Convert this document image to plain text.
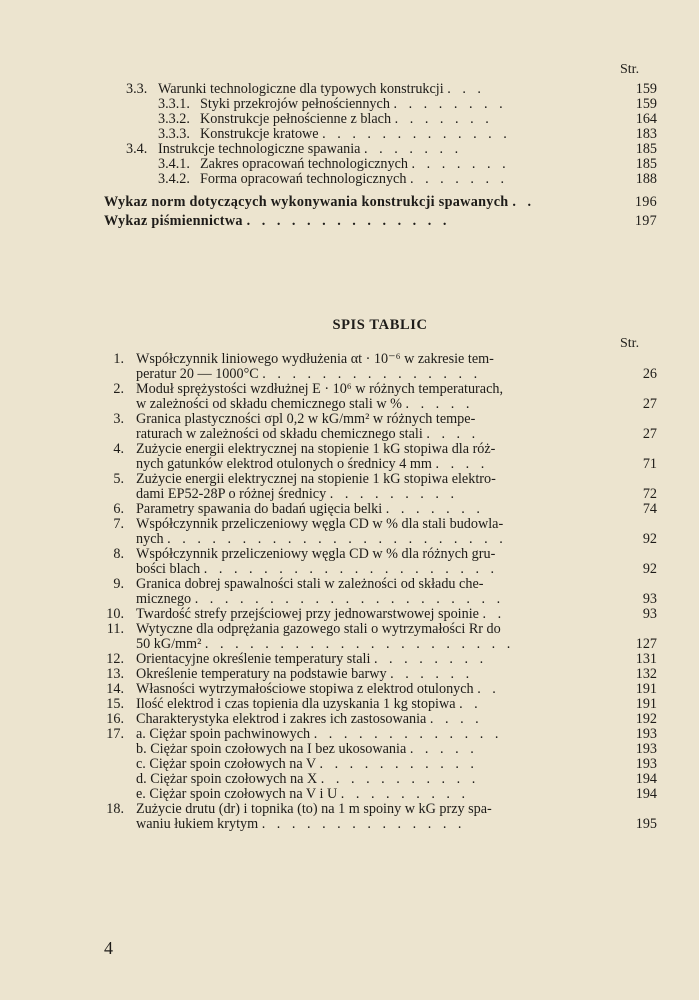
Str.
3.3. Warunki technologiczne dla typowych konstrukcji . . .	159
3.3.1. Styki przekrojów pełnościennych . . . . . . . .	159
3.3.2. Konstrukcje pełnościenne z blach . . . . . . .	164
3.3.3. Konstrukcje kratowe . . . . . . . . . . . . .	183
3.4. Instrukcje technologiczne spawania . . . . . . .	185
3.4.1. Zakres opracowań technologicznych . . . . . . .	185
3.4.2. Forma opracowań technologicznych . . . . . . .	188
Wykaz norm dotyczących wykonywania konstrukcji spawanych . .	196
Wykaz piśmiennictwa . . . . . . . . . . . . . .	197
SPIS TABLIC
Str.
1. Współczynnik liniowego wydłużenia αt · 10⁻⁶ w zakresie tem-
peratur 20 — 1000°C . . . . . . . . . . . . . . .	26
2. Moduł sprężystości wzdłużnej E · 10⁶ w różnych temperaturach,
w zależności od składu chemicznego stali w % . . . . .	27
3. Granica plastyczności σpl 0,2 w kG/mm² w różnych tempe-
raturach w zależności od składu chemicznego stali . . . .	27
4. Zużycie energii elektrycznej na stopienie 1 kG stopiwa dla róż-
nych gatunków elektrod otulonych o średnicy 4 mm . . . .	71
5. Zużycie energii elektrycznej na stopienie 1 kG stopiwa elektro-
dami EP52-28P o różnej średnicy . . . . . . . . .	72
6. Parametry spawania do badań ugięcia belki . . . . . . .	74
7. Współczynnik przeliczeniowy węgla CD w % dla stali budowla-
nych . . . . . . . . . . . . . . . . . . . . . . .	92
8. Współczynnik przeliczeniowy węgla CD w % dla różnych gru-
bości blach . . . . . . . . . . . . . . . . . . . .	92
9. Granica dobrej spawalności stali w zależności od składu che-
micznego . . . . . . . . . . . . . . . . . . . . .	93
10. Twardość strefy przejściowej przy jednowarstwowej spoinie . .	93
11. Wytyczne dla odprężania gazowego stali o wytrzymałości Rr do
50 kG/mm² . . . . . . . . . . . . . . . . . . . . .	127
12. Orientacyjne określenie temperatury stali . . . . . . . .	131
13. Określenie temperatury na podstawie barwy . . . . . .	132
14. Własności wytrzymałościowe stopiwa z elektrod otulonych . .	191
15. Ilość elektrod i czas topienia dla uzyskania 1 kg stopiwa . .	191
16. Charakterystyka elektrod i zakres ich zastosowania . . . .	192
17. a. Ciężar spoin pachwinowych . . . . . . . . . . . . .	193
b. Ciężar spoin czołowych na I bez ukosowania . . . . .	193
c. Ciężar spoin czołowych na V . . . . . . . . . . .	193
d. Ciężar spoin czołowych na X . . . . . . . . . . .	194
e. Ciężar spoin czołowych na V i U . . . . . . . . .	194
18. Zużycie drutu (dr) i topnika (to) na 1 m spoiny w kG przy spa-
waniu łukiem krytym . . . . . . . . . . . . . .	195
4
